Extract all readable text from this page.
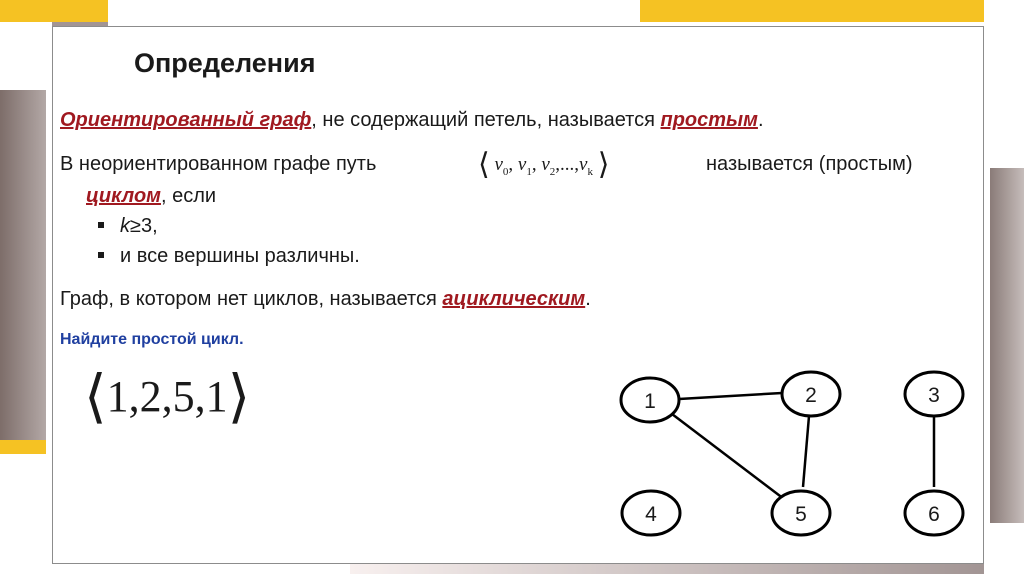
Определения
Ориентированный граф, не содержащий петель, называется простым.
В неориентированном графе путь	⟨ $v_0$, $v_1$, $v_2,...,v_k$ ⟩	называется (простым)
циклом, если
k≥3,
и все вершины различны.
Граф, в котором нет циклов, называется ациклическим.
Найдите простой цикл.
⟨1,2,5,1⟩	1	2	3
4	5	6
